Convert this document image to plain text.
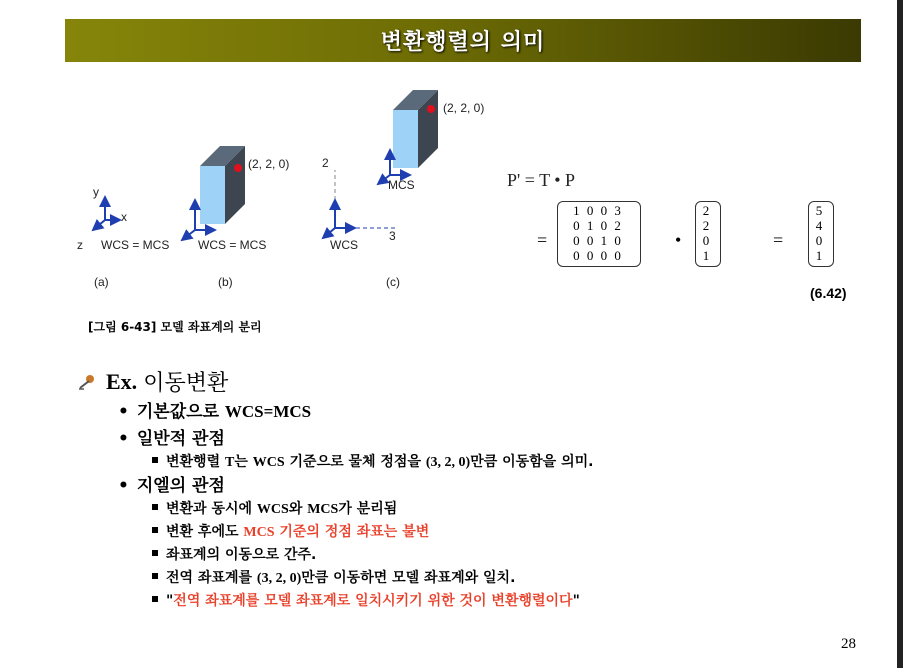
변환행렬의 의미
y
x
z WCS = MCS
(a)
(2, 2, 0)
WCS = MCS
(b)
(2, 2, 0)
MCS
WCS
2
3
(c)
P' = T • P
=
1 0 0 3
0 1 0 2
0 0 1 0
0 0 0 0
•
2
2
0
1
=
5
4
0
1
(6.42)
[그림 6-43] 모델 좌표계의 분리
Ex. 이동변환
• 기본값으로 WCS=MCS
• 일반적 관점
변환행렬 T는 WCS 기준으로 물체 정점을 (3, 2, 0)만큼 이동함을 의미.
• 지엘의 관점
변환과 동시에 WCS와 MCS가 분리됨
변환 후에도 MCS 기준의 정점 좌표는 불변
좌표계의 이동으로 간주.
전역 좌표계를 (3, 2, 0)만큼 이동하면 모델 좌표계와 일치.
"전역 좌표계를 모델 좌표계로 일치시키기 위한 것이 변환행렬이다"
28
